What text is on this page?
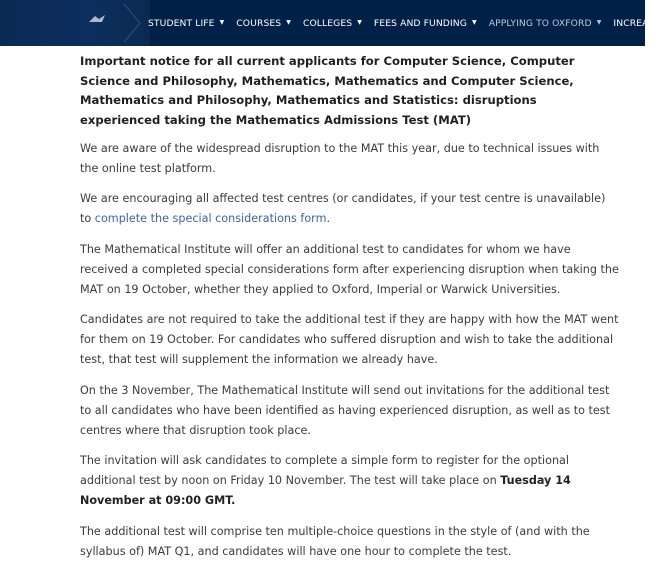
STUDENT LIFE ▼ COURSES ▼ COLLEGES ▼ FEES AND FUNDING ▼ APPLYING TO OXFORD ▼ INCREASI
Important notice for all current applicants for Computer Science, Computer Science and Philosophy, Mathematics, Mathematics and Computer Science, Mathematics and Philosophy, Mathematics and Statistics: disruptions experienced taking the Mathematics Admissions Test (MAT)

We are aware of the widespread disruption to the MAT this year, due to technical issues with the online test platform.

We are encouraging all affected test centres (or candidates, if your test centre is unavailable) to complete the special considerations form.

The Mathematical Institute will offer an additional test to candidates for whom we have received a completed special considerations form after experiencing disruption when taking the MAT on 19 October, whether they applied to Oxford, Imperial or Warwick Universities.

Candidates are not required to take the additional test if they are happy with how the MAT went for them on 19 October. For candidates who suffered disruption and wish to take the additional test, that test will supplement the information we already have.

On the 3 November, The Mathematical Institute will send out invitations for the additional test to all candidates who have been identified as having experienced disruption, as well as to test centres where that disruption took place.

The invitation will ask candidates to complete a simple form to register for the optional additional test by noon on Friday 10 November. The test will take place on Tuesday 14 November at 09:00 GMT.

The additional test will comprise ten multiple-choice questions in the style of (and with the syllabus of) MAT Q1, and candidates will have one hour to complete the test.
